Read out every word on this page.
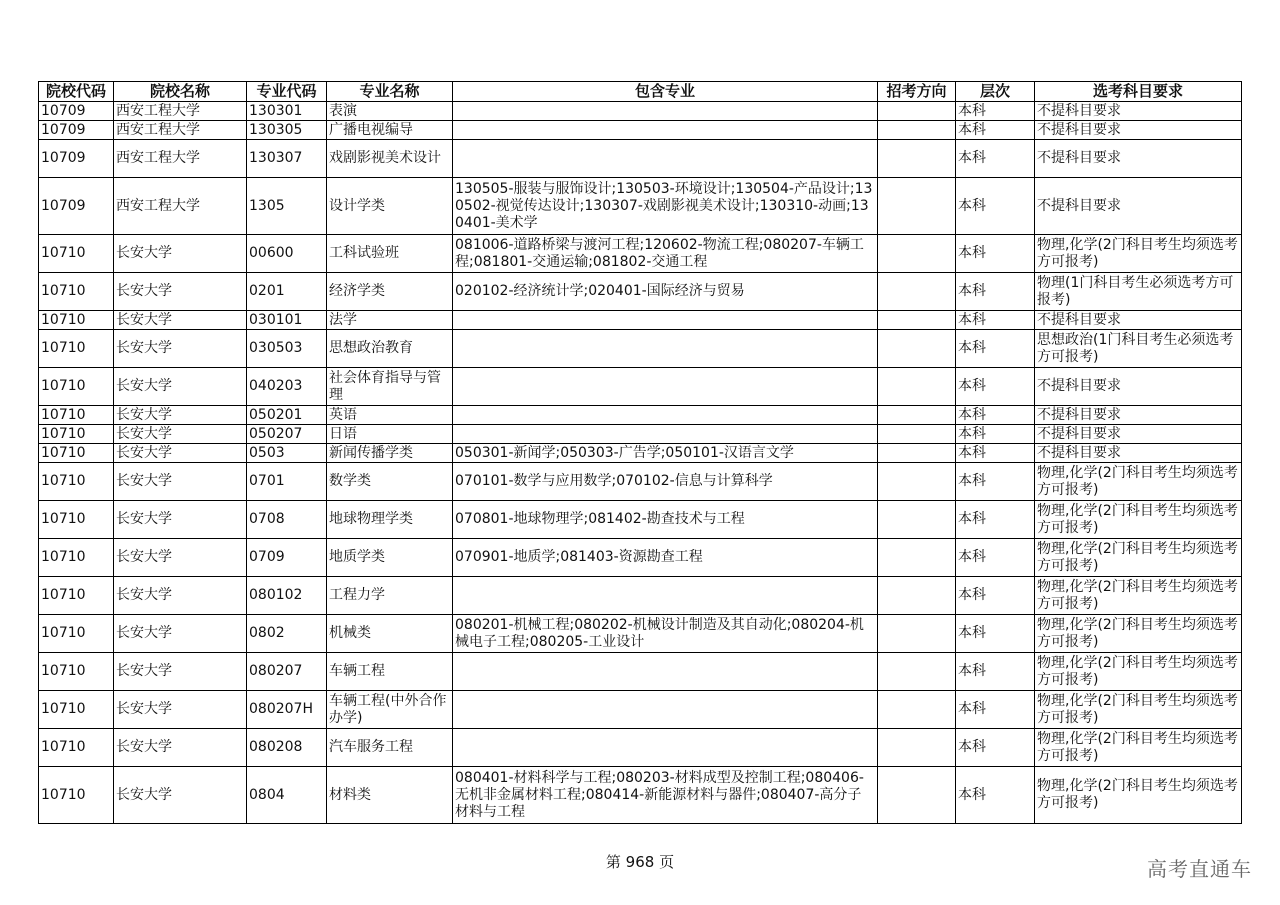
院校代码	院校名称	专业代码	专业名称	包含专业	招考方向	层次	选考科目要求
10709	西安工程大学	130301	表演			本科	不提科目要求
10709	西安工程大学	130305	广播电视编导			本科	不提科目要求
10709	西安工程大学	130307	戏剧影视美术设计			本科	不提科目要求
10709	西安工程大学	1305	设计学类	130505-服装与服饰设计;130503-环境设计;130504-产品设计;130502-视觉传达设计;130307-戏剧影视美术设计;130310-动画;130401-美术学		本科	不提科目要求
10710	长安大学	00600	工科试验班	081006-道路桥梁与渡河工程;120602-物流工程;080207-车辆工程;081801-交通运输;081802-交通工程		本科	物理,化学(2门科目考生均须选考方可报考)
10710	长安大学	0201	经济学类	020102-经济统计学;020401-国际经济与贸易		本科	物理(1门科目考生必须选考方可报考)
10710	长安大学	030101	法学			本科	不提科目要求
10710	长安大学	030503	思想政治教育			本科	思想政治(1门科目考生必须选考方可报考)
10710	长安大学	040203	社会体育指导与管理			本科	不提科目要求
10710	长安大学	050201	英语			本科	不提科目要求
10710	长安大学	050207	日语			本科	不提科目要求
10710	长安大学	0503	新闻传播学类	050301-新闻学;050303-广告学;050101-汉语言文学		本科	不提科目要求
10710	长安大学	0701	数学类	070101-数学与应用数学;070102-信息与计算科学		本科	物理,化学(2门科目考生均须选考方可报考)
10710	长安大学	0708	地球物理学类	070801-地球物理学;081402-勘查技术与工程		本科	物理,化学(2门科目考生均须选考方可报考)
10710	长安大学	0709	地质学类	070901-地质学;081403-资源勘查工程		本科	物理,化学(2门科目考生均须选考方可报考)
10710	长安大学	080102	工程力学			本科	物理,化学(2门科目考生均须选考方可报考)
10710	长安大学	0802	机械类	080201-机械工程;080202-机械设计制造及其自动化;080204-机械电子工程;080205-工业设计		本科	物理,化学(2门科目考生均须选考方可报考)
10710	长安大学	080207	车辆工程			本科	物理,化学(2门科目考生均须选考方可报考)
10710	长安大学	080207H	车辆工程(中外合作办学)			本科	物理,化学(2门科目考生均须选考方可报考)
10710	长安大学	080208	汽车服务工程			本科	物理,化学(2门科目考生均须选考方可报考)
10710	长安大学	0804	材料类	080401-材料科学与工程;080203-材料成型及控制工程;080406-无机非金属材料工程;080414-新能源材料与器件;080407-高分子材料与工程		本科	物理,化学(2门科目考生均须选考方可报考)
第 968 页	高考直通车
